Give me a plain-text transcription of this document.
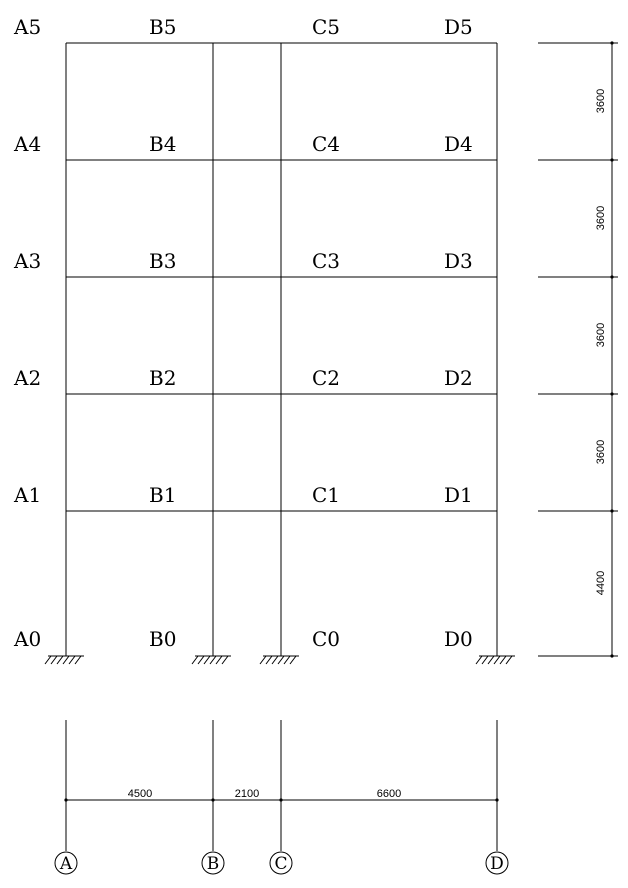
A5
A4
A3
A2
A1
A0
B5
B4
B3
B2
B1
B0
C5
C4
C3
C2
C1
C0
D5
D4
D3
D2
D1
D0
3600
3600
3600
3600
4400
4500	2100	6600
A	B	C	D
